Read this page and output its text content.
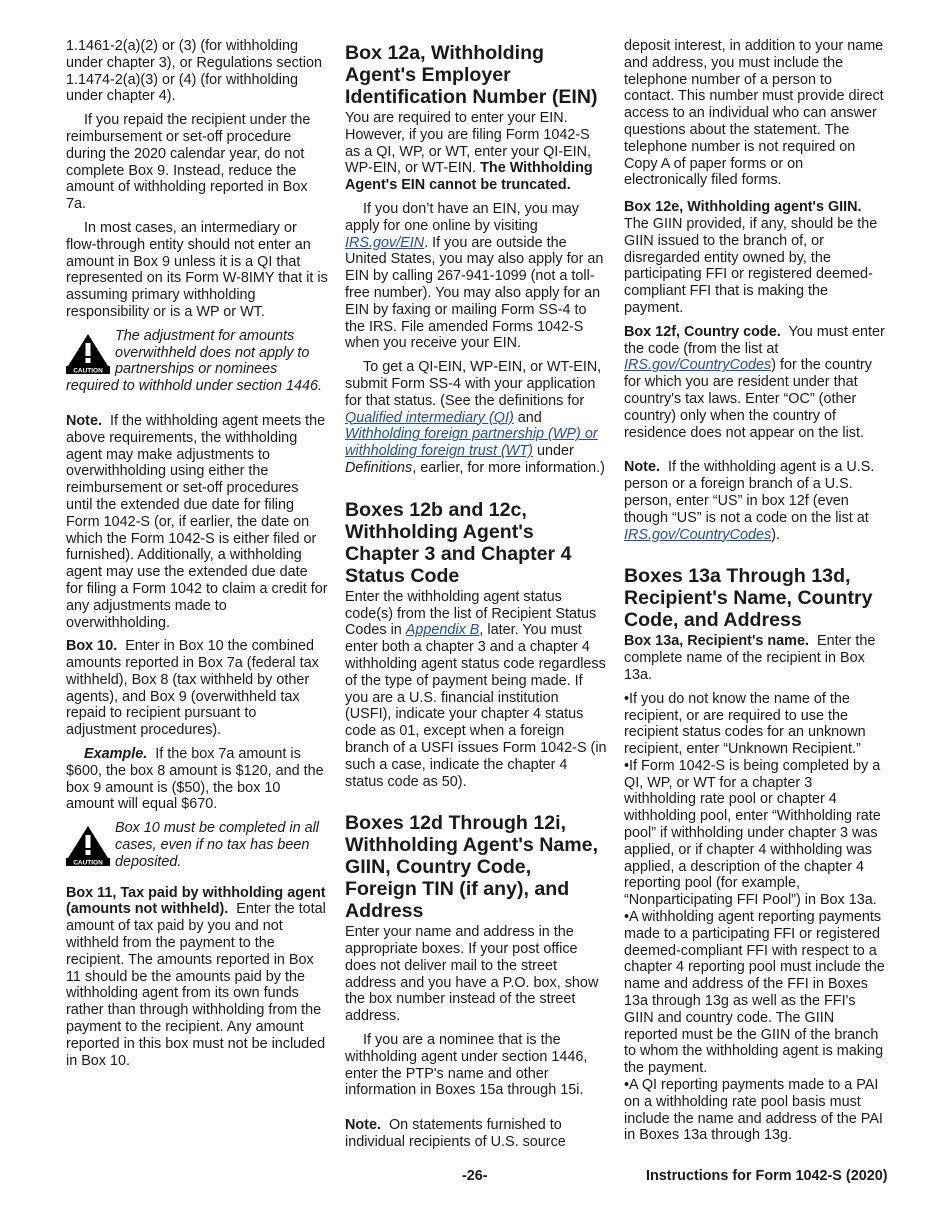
1.1461-2(a)(2) or (3) (for withholding under chapter 3), or Regulations section 1.1474-2(a)(3) or (4) (for withholding under chapter 4).

If you repaid the recipient under the reimbursement or set-off procedure during the 2020 calendar year, do not complete Box 9. Instead, reduce the amount of withholding reported in Box 7a.

In most cases, an intermediary or flow-through entity should not enter an amount in Box 9 unless it is a QI that represented on its Form W-8IMY that it is assuming primary withholding responsibility or is a WP or WT.

CAUTION
The adjustment for amounts overwithheld does not apply to partnerships or nominees

required to withhold under section 1446.

Note. If the withholding agent meets the above requirements, the withholding agent may make adjustments to overwithholding using either the reimbursement or set-off procedures until the extended due date for filing Form 1042-S (or, if earlier, the date on which the Form 1042-S is either filed or furnished). Additionally, a withholding agent may use the extended due date for filing a Form 1042 to claim a credit for any adjustments made to overwithholding.

Box 10. Enter in Box 10 the combined amounts reported in Box 7a (federal tax withheld), Box 8 (tax withheld by other agents), and Box 9 (overwithheld tax repaid to recipient pursuant to adjustment procedures).

Example. If the box 7a amount is $600, the box 8 amount is $120, and the box 9 amount is ($50), the box 10 amount will equal $670.

CAUTION
Box 10 must be completed in all cases, even if no tax has been deposited.

Box 11, Tax paid by withholding agent (amounts not withheld). Enter the total amount of tax paid by you and not withheld from the payment to the recipient. The amounts reported in Box 11 should be the amounts paid by the withholding agent from its own funds rather than through withholding from the payment to the recipient. Any amount reported in this box must not be included in Box 10.

Box 12a, Withholding Agent's Employer Identification Number (EIN)

You are required to enter your EIN. However, if you are filing Form 1042-S as a QI, WP, or WT, enter your QI-EIN, WP-EIN, or WT-EIN. The Withholding Agent's EIN cannot be truncated.

If you don’t have an EIN, you may apply for one online by visiting IRS.gov/EIN. If you are outside the United States, you may also apply for an EIN by calling 267-941-1099 (not a toll-free number). You may also apply for an EIN by faxing or mailing Form SS-4 to the IRS. File amended Forms 1042-S when you receive your EIN.

To get a QI-EIN, WP-EIN, or WT-EIN, submit Form SS-4 with your application for that status. (See the definitions for Qualified intermediary (QI) and Withholding foreign partnership (WP) or withholding foreign trust (WT) under Definitions, earlier, for more information.)

Boxes 12b and 12c, Withholding Agent's Chapter 3 and Chapter 4 Status Code

Enter the withholding agent status code(s) from the list of Recipient Status Codes in Appendix B, later. You must enter both a chapter 3 and a chapter 4 withholding agent status code regardless of the type of payment being made. If you are a U.S. financial institution (USFI), indicate your chapter 4 status code as 01, except when a foreign branch of a USFI issues Form 1042-S (in such a case, indicate the chapter 4 status code as 50).

Boxes 12d Through 12i, Withholding Agent's Name, GIIN, Country Code, Foreign TIN (if any), and Address

Enter your name and address in the appropriate boxes. If your post office does not deliver mail to the street address and you have a P.O. box, show the box number instead of the street address.

If you are a nominee that is the withholding agent under section 1446, enter the PTP's name and other information in Boxes 15a through 15i.

Note. On statements furnished to individual recipients of U.S. source

deposit interest, in addition to your name and address, you must include the telephone number of a person to contact. This number must provide direct access to an individual who can answer questions about the statement. The telephone number is not required on Copy A of paper forms or on electronically filed forms.

Box 12e, Withholding agent's GIIN. The GIIN provided, if any, should be the GIIN issued to the branch of, or disregarded entity owned by, the participating FFI or registered deemed-compliant FFI that is making the payment.

Box 12f, Country code. You must enter the code (from the list at IRS.gov/CountryCodes) for the country for which you are resident under that country's tax laws. Enter “OC” (other country) only when the country of residence does not appear on the list.

Note. If the withholding agent is a U.S. person or a foreign branch of a U.S. person, enter “US” in box 12f (even though “US” is not a code on the list at IRS.gov/CountryCodes).

Boxes 13a Through 13d, Recipient's Name, Country Code, and Address

Box 13a, Recipient's name. Enter the complete name of the recipient in Box 13a.

• If you do not know the name of the recipient, or are required to use the recipient status codes for an unknown recipient, enter “Unknown Recipient.”

• If Form 1042-S is being completed by a QI, WP, or WT for a chapter 3 withholding rate pool or chapter 4 withholding pool, enter “Withholding rate pool” if withholding under chapter 3 was applied, or if chapter 4 withholding was applied, a description of the chapter 4 reporting pool (for example, “Nonparticipating FFI Pool”) in Box 13a.

• A withholding agent reporting payments made to a participating FFI or registered deemed-compliant FFI with respect to a chapter 4 reporting pool must include the name and address of the FFI in Boxes 13a through 13g as well as the FFI's GIIN and country code. The GIIN reported must be the GIIN of the branch to whom the withholding agent is making the payment.

• A QI reporting payments made to a PAI on a withholding rate pool basis must include the name and address of the PAI in Boxes 13a through 13g.

-26-	Instructions for Form 1042-S (2020)
